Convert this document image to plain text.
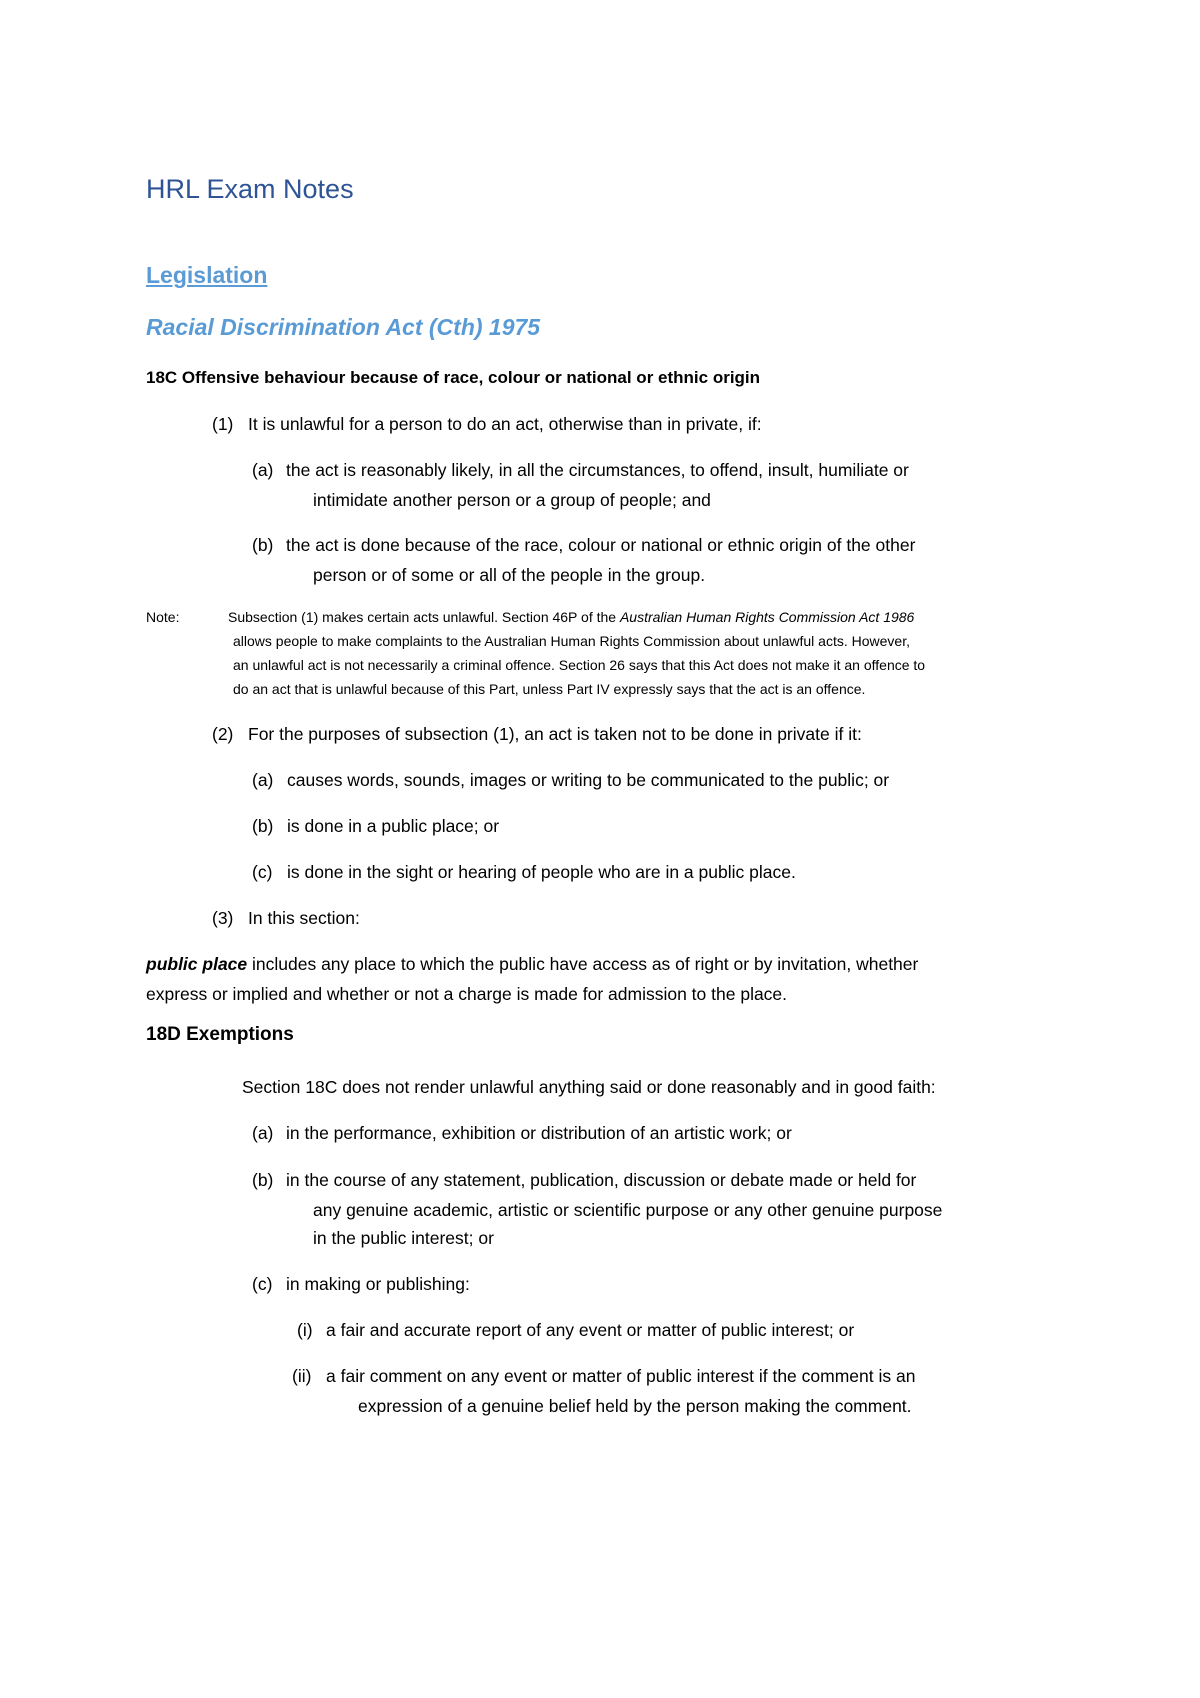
HRL Exam Notes
Legislation
Racial Discrimination Act (Cth) 1975
18C Offensive behaviour because of race, colour or national or ethnic origin
(1) It is unlawful for a person to do an act, otherwise than in private, if:
(a) the act is reasonably likely, in all the circumstances, to offend, insult, humiliate or
intimidate another person or a group of people; and
(b) the act is done because of the race, colour or national or ethnic origin of the other
person or of some or all of the people in the group.
Note:	Subsection (1) makes certain acts unlawful. Section 46P of the Australian Human Rights Commission Act 1986
allows people to make complaints to the Australian Human Rights Commission about unlawful acts. However,
an unlawful act is not necessarily a criminal offence. Section 26 says that this Act does not make it an offence to
do an act that is unlawful because of this Part, unless Part IV expressly says that the act is an offence.
(2) For the purposes of subsection (1), an act is taken not to be done in private if it:
(a) causes words, sounds, images or writing to be communicated to the public; or
(b) is done in a public place; or
(c) is done in the sight or hearing of people who are in a public place.
(3) In this section:
public place includes any place to which the public have access as of right or by invitation, whether
express or implied and whether or not a charge is made for admission to the place.
18D Exemptions
Section 18C does not render unlawful anything said or done reasonably and in good faith:
(a) in the performance, exhibition or distribution of an artistic work; or
(b) in the course of any statement, publication, discussion or debate made or held for
any genuine academic, artistic or scientific purpose or any other genuine purpose
in the public interest; or
(c) in making or publishing:
(i) a fair and accurate report of any event or matter of public interest; or
(ii) a fair comment on any event or matter of public interest if the comment is an
expression of a genuine belief held by the person making the comment.
